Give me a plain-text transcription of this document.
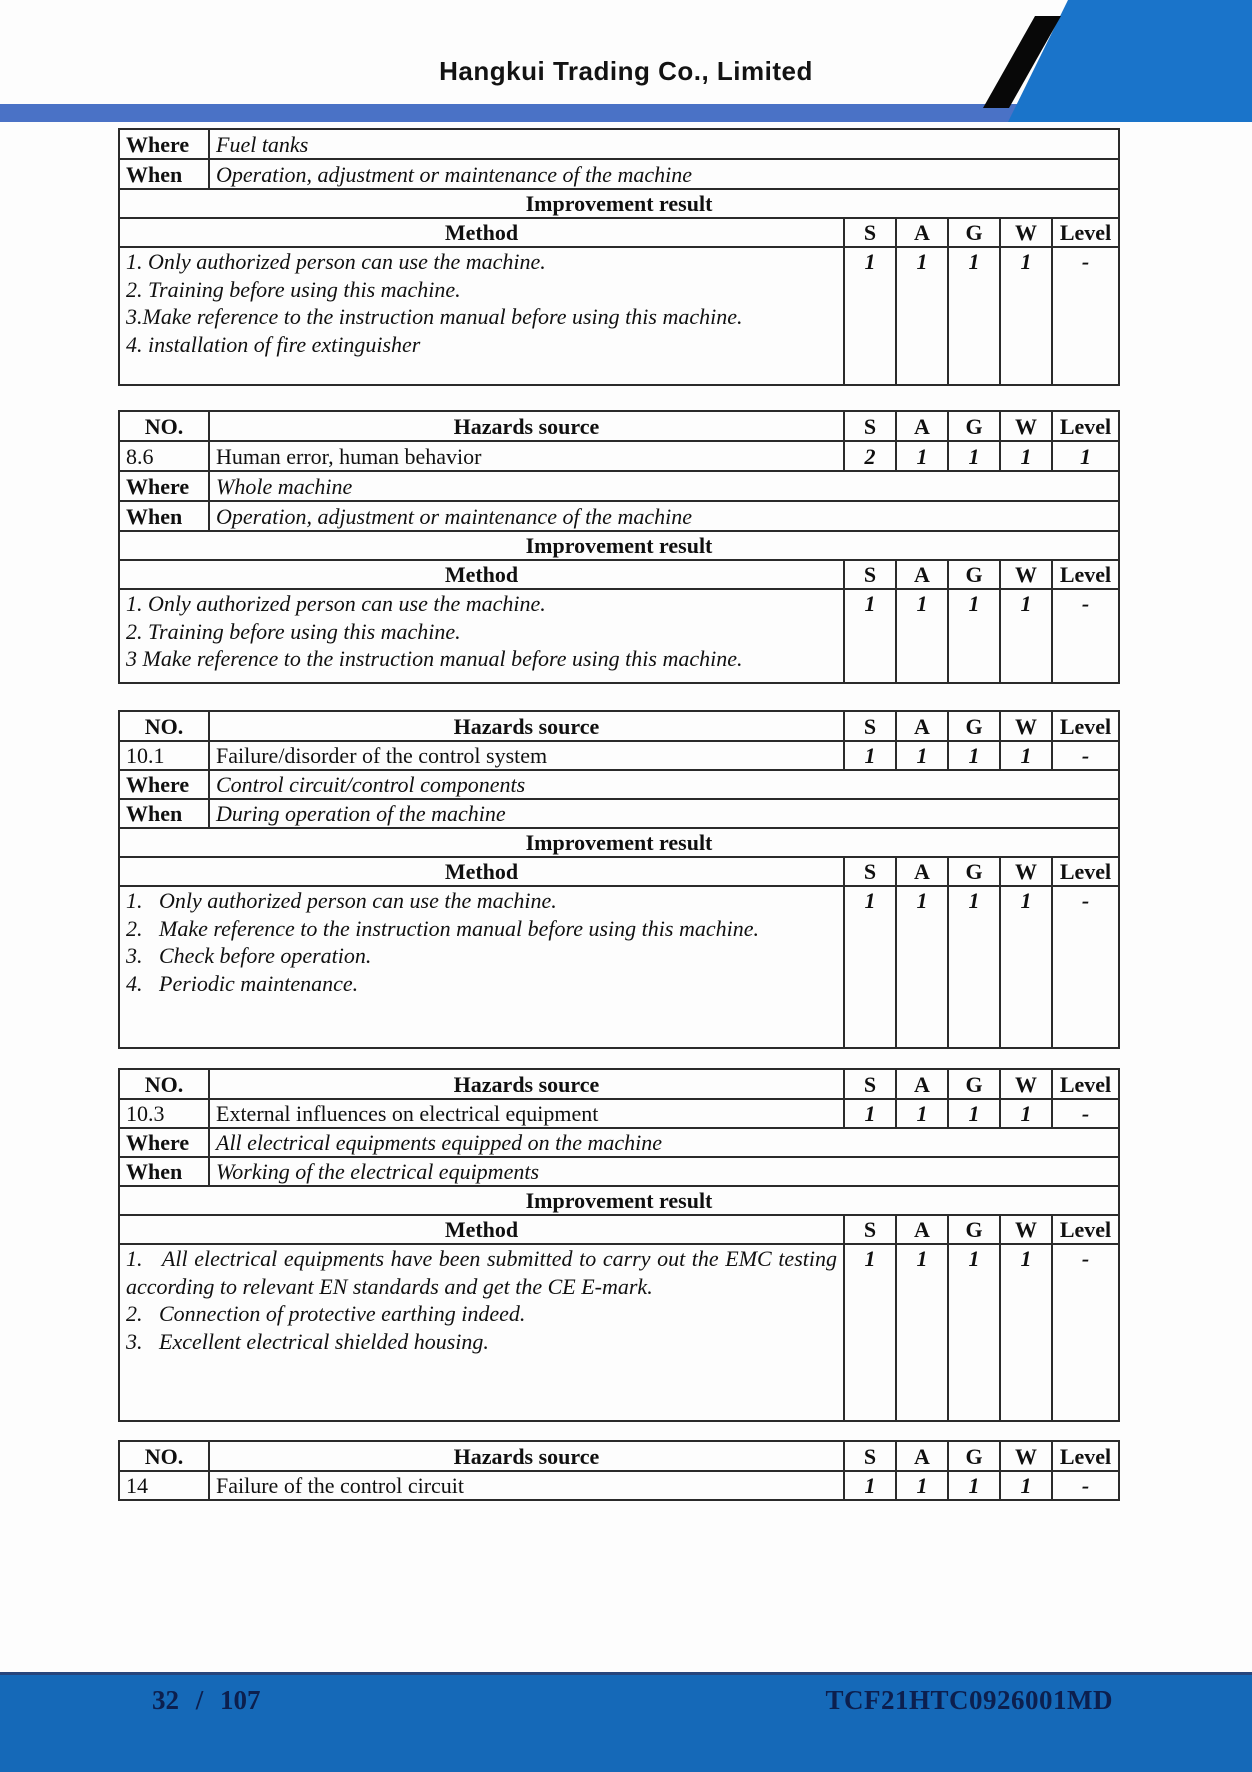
Hangkui Trading Co., Limited
Where	Fuel tanks					
When	Operation, adjustment or maintenance of the machine					
Improvement result						
Method		S	A	G	W	Level

1. Only authorized person can use the machine.
2. Training before using this machine.
3.Make reference to the instruction manual before using this machine.
4. installation of fire extinguisher		1	1	1	1	-
NO.	Hazards source	S	A	G	W	Level
8.6	Human error, human behavior	2	1	1	1	1
Where	Whole machine					
When	Operation, adjustment or maintenance of the machine					
Improvement result						
Method		S	A	G	W	Level

1. Only authorized person can use the machine.
2. Training before using this machine.
3 Make reference to the instruction manual before using this machine.		1	1	1	1	-
NO.	Hazards source	S	A	G	W	Level
10.1	Failure/disorder of the control system	1	1	1	1	-
Where	Control circuit/control components					
When	During operation of the machine					
Improvement result						
Method		S	A	G	W	Level

1.   Only authorized person can use the machine.
2.   Make reference to the instruction manual before using this machine.
3.   Check before operation.
4.   Periodic maintenance.		1	1	1	1	-
NO.	Hazards source	S	A	G	W	Level
10.3	External influences on electrical equipment	1	1	1	1	-
Where	All electrical equipments equipped on the machine					
When	Working of the electrical equipments					
Improvement result						
Method		S	A	G	W	Level

1.   All electrical equipments have been submitted to carry out the EMC testing according to relevant EN standards and get the CE E-mark.
2.   Connection of protective earthing indeed.
3.   Excellent electrical shielded housing.		1	1	1	1	-
NO.	Hazards source	S	A	G	W	Level
14	Failure of the control circuit	1	1	1	1	-
32 / 107	TCF21HTC0926001MD
